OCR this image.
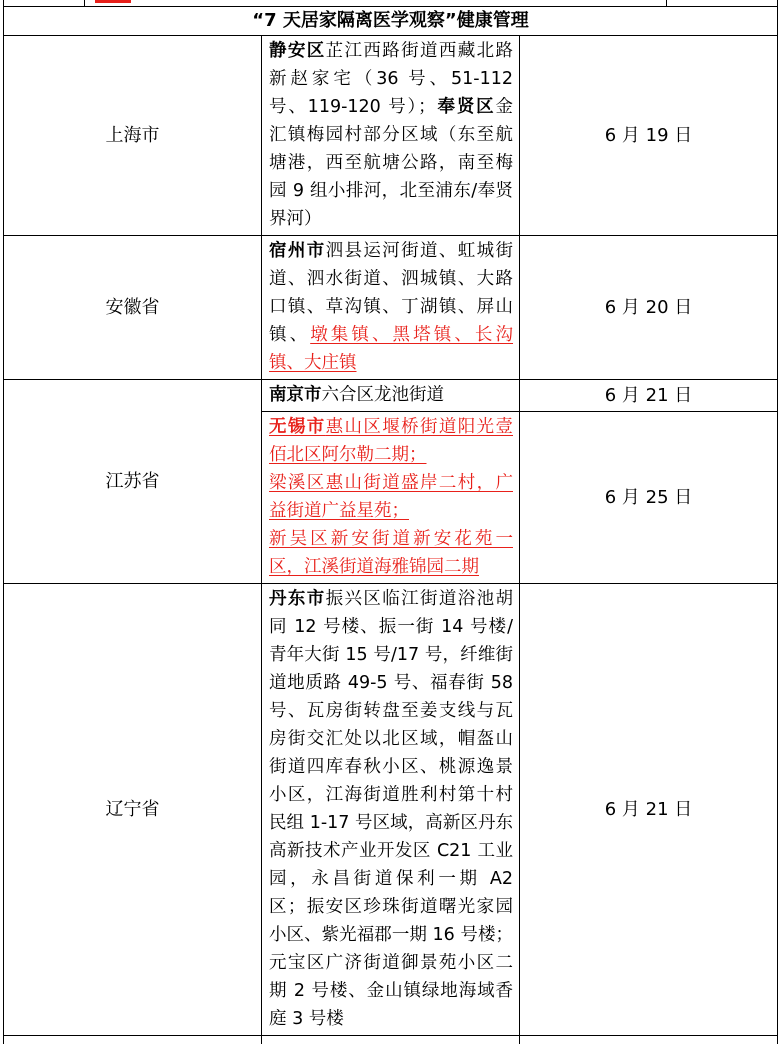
“7 天居家隔离医学观察”健康管理		
上海市	静安区芷江西路街道西藏北路新赵家宅（36 号、51-112 号、119-120 号）；奉贤区金汇镇梅园村部分区域（东至航塘港，西至航塘公路，南至梅园 9 组小排河，北至浦东/奉贤界河）	6 月 19 日
安徽省	宿州市泗县运河街道、虹城街道、泗水街道、泗城镇、大路口镇、草沟镇、丁湖镇、屏山镇、墩集镇、黑塔镇、长沟镇、大庄镇	6 月 20 日
江苏省	南京市六合区龙池街道	6 月 21 日
	无锡市惠山区堰桥街道阳光壹佰北区阿尔勒二期；
梁溪区惠山街道盛岸二村，广益街道广益星苑；
新吴区新安街道新安花苑一区，江溪街道海雅锦园二期	6 月 25 日
辽宁省	丹东市振兴区临江街道浴池胡同 12 号楼、振一街 14 号楼/青年大街 15 号/17 号，纤维街道地质路 49-5 号、福春街 58 号、瓦房街转盘至姜支线与瓦房街交汇处以北区域，帽盔山街道四库春秋小区、桃源逸景小区，江海街道胜利村第十村民组 1-17 号区域，高新区丹东高新技术产业开发区 C21 工业园，永昌街道保利一期 A2 区；振安区珍珠街道曙光家园小区、紫光福郡一期 16 号楼；元宝区广济街道御景苑小区二期 2 号楼、金山镇绿地海域香庭 3 号楼	6 月 21 日
